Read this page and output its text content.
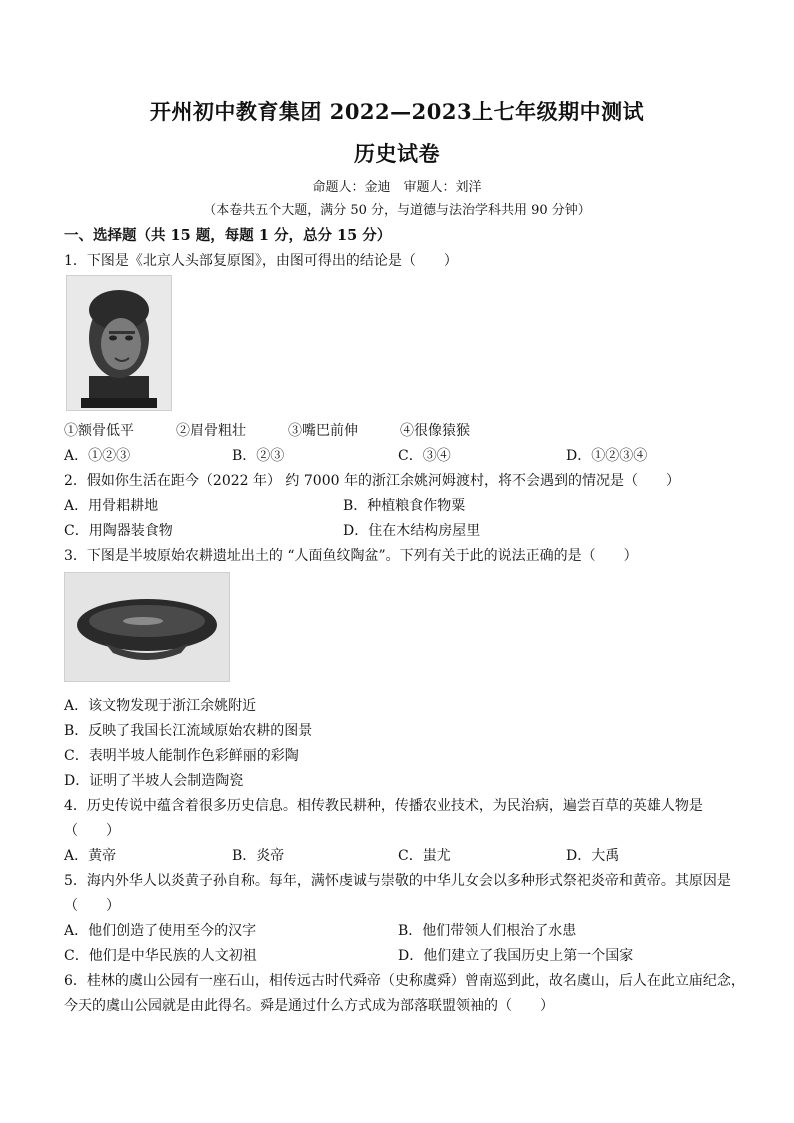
开州初中教育集团 2022—2023上七年级期中测试
历史试卷
命题人：金迪　审题人：刘洋
（本卷共五个大题，满分 50 分，与道德与法治学科共用 90 分钟）
一、选择题（共 15 题，每题 1 分，总分 15 分）
1．下图是《北京人头部复原图》，由图可得出的结论是（　　）
①额骨低平	②眉骨粗壮	③嘴巴前伸	④很像猿猴
A．①②③	B．②③	C．③④	D．①②③④
2．假如你生活在距今（2022 年） 约 7000 年的浙江余姚河姆渡村，将不会遇到的情况是（　　）
A．用骨耜耕地	B．种植粮食作物粟
C．用陶器装食物	D．住在木结构房屋里
3．下图是半坡原始农耕遗址出土的 “人面鱼纹陶盆”。下列有关于此的说法正确的是（　　）
A．该文物发现于浙江余姚附近
B．反映了我国长江流域原始农耕的图景
C．表明半坡人能制作色彩鲜丽的彩陶
D．证明了半坡人会制造陶瓷
4．历史传说中蕴含着很多历史信息。相传教民耕种，传播农业技术，为民治病，遍尝百草的英雄人物是
（　　）
A．黄帝	B．炎帝	C．蚩尤	D．大禹
5．海内外华人以炎黄子孙自称。每年，满怀虔诚与崇敬的中华儿女会以多种形式祭祀炎帝和黄帝。其原因是
（　　）
A．他们创造了使用至今的汉字	B．他们带领人们根治了水患
C．他们是中华民族的人文初祖	D．他们建立了我国历史上第一个国家
6．桂林的虞山公园有一座石山，相传远古时代舜帝（史称虞舜）曾南巡到此，故名虞山，后人在此立庙纪念，
今天的虞山公园就是由此得名。舜是通过什么方式成为部落联盟领袖的（　　）
